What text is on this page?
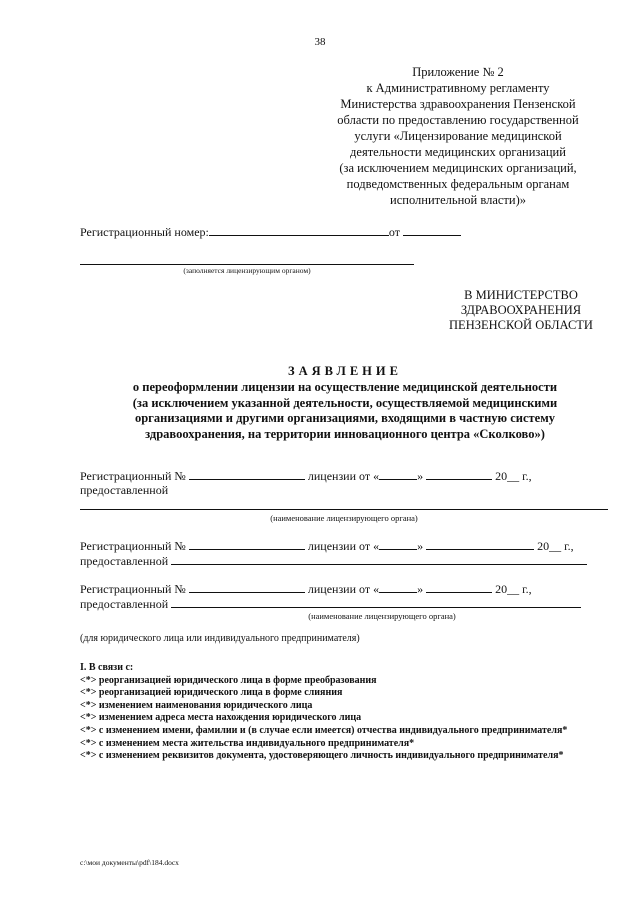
38
Приложение № 2
к Административному регламенту
Министерства здравоохранения Пензенской
области по предоставлению государственной
услуги «Лицензирование медицинской
деятельности медицинских организаций
(за исключением медицинских организаций,
подведомственных федеральным органам
исполнительной власти)»
Регистрационный номер:	от
(заполняется лицензирующим органом)
В МИНИСТЕРСТВО
ЗДРАВООХРАНЕНИЯ
ПЕНЗЕНСКОЙ ОБЛАСТИ
ЗАЯВЛЕНИЕ
о переоформлении лицензии на осуществление медицинской деятельности
(за исключением указанной деятельности, осуществляемой медицинскими
организациями и другими организациями, входящими в частную систему
здравоохранения, на территории инновационного центра «Сколково»)
Регистрационный №	лицензии от «	»	20__ г.,
предоставленной
(наименование лицензирующего органа)
Регистрационный №	лицензии от «	»	20__ г.,
предоставленной
Регистрационный №	лицензии от «	»	20__ г.,
предоставленной
(наименование лицензирующего органа)
(для юридического лица или индивидуального предпринимателя)
I. В связи с:
<*> реорганизацией юридического лица в форме преобразования
<*> реорганизацией юридического лица в форме слияния
<*> изменением наименования юридического лица
<*> изменением адреса места нахождения юридического лица
<*> с изменением имени, фамилии и (в случае если имеется) отчества индивидуального предпринимателя*
<*> с изменением места жительства индивидуального предпринимателя*
<*> с изменением реквизитов документа, удостоверяющего личность индивидуального предпринимателя*
c:\мои документы\pdf\184.docx
